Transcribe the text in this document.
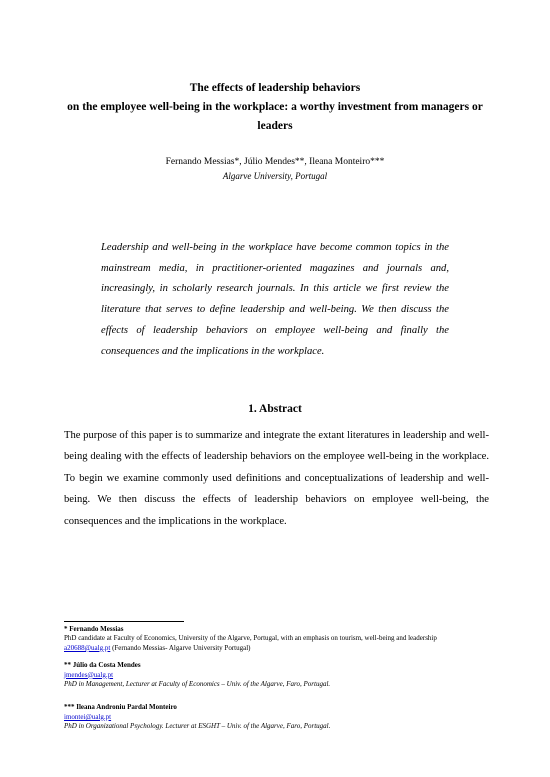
The effects of leadership behaviors
on the employee well-being in the workplace: a worthy investment from managers or
leaders

Fernando Messias*, Júlio Mendes**, Ileana Monteiro***

Algarve University, Portugal

Leadership and well-being in the workplace have become common topics in the mainstream media, in practitioner-oriented magazines and journals and, increasingly, in scholarly research journals. In this article we first review the literature that serves to define leadership and well-being. We then discuss the effects of leadership behaviors on employee well-being and finally the consequences and the implications in the workplace.

1. Abstract

The purpose of this paper is to summarize and integrate the extant literatures in leadership and well-being dealing with the effects of leadership behaviors on the employee well-being in the workplace. To begin we examine commonly used definitions and conceptualizations of leadership and well-being. We then discuss the effects of leadership behaviors on employee well-being, the consequences and the implications in the workplace.

* Fernando Messias
PhD candidate at Faculty of Economics, University of the Algarve, Portugal, with an emphasis on tourism, well-being and leadership
a20688@ualg.pt (Fernando Messias- Algarve University Portugal)
** Júlio da Costa Mendes
jmendes@ualg.pt
PhD in Management, Lecturer at Faculty of Economics – Univ. of the Algarve, Faro, Portugal.
*** Ileana Androniu Pardal Monteiro
imontei@ualg.pt
PhD in Organizational Psychology. Lecturer at ESGHT – Univ. of the Algarve, Faro, Portugal.
